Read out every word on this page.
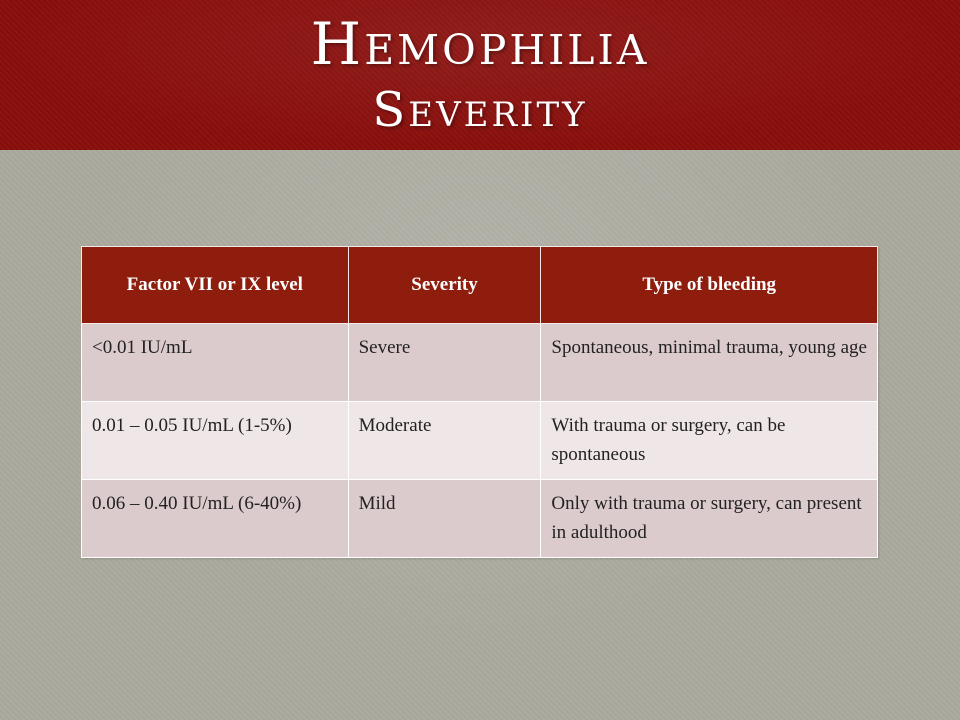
Hemophilia
Severity
Factor VII or IX level	Severity	Type of bleeding
<0.01 IU/mL	Severe	Spontaneous, minimal trauma, young age
0.01 – 0.05 IU/mL (1-5%)	Moderate	With trauma or surgery, can be spontaneous
0.06 – 0.40 IU/mL (6-40%)	Mild	Only with trauma or surgery, can present in adulthood
